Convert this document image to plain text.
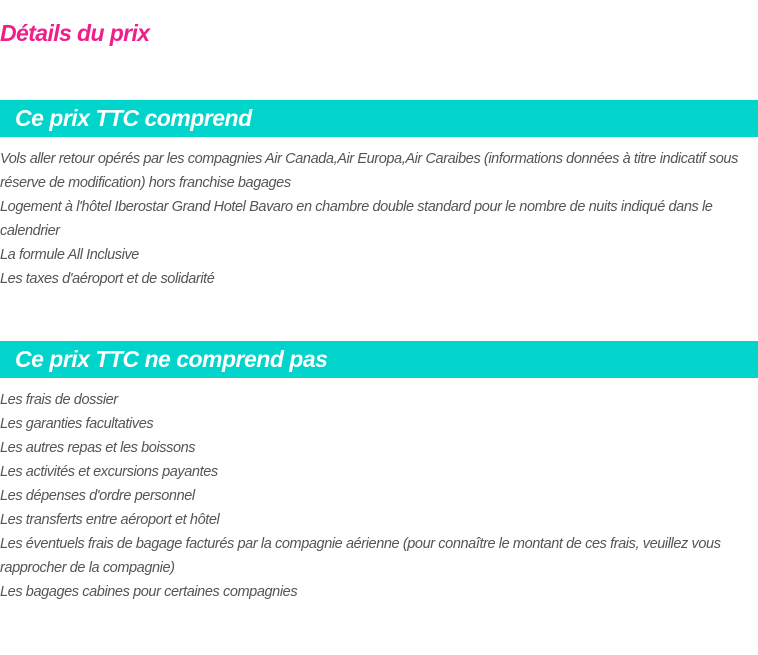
Détails du prix
Ce prix TTC comprend
Vols aller retour opérés par les compagnies Air Canada,Air Europa,Air Caraibes (informations données à titre indicatif sous réserve de modification) hors franchise bagages
Logement à l'hôtel Iberostar Grand Hotel Bavaro en chambre double standard pour le nombre de nuits indiqué dans le calendrier
La formule All Inclusive
Les taxes d'aéroport et de solidarité
Ce prix TTC ne comprend pas
Les frais de dossier
Les garanties facultatives
Les autres repas et les boissons
Les activités et excursions payantes
Les dépenses d'ordre personnel
Les transferts entre aéroport et hôtel
Les éventuels frais de bagage facturés par la compagnie aérienne (pour connaître le montant de ces frais, veuillez vous rapprocher de la compagnie)
Les bagages cabines pour certaines compagnies
